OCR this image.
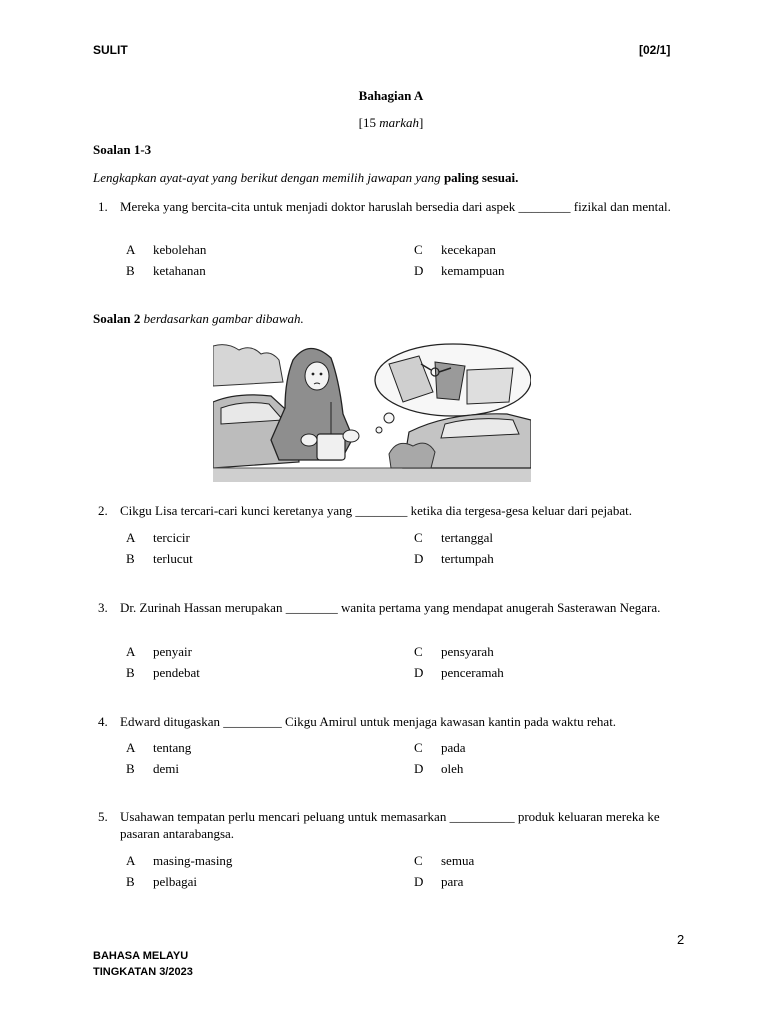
SULIT	[02/1]
Bahagian A
[15 markah]
Soalan 1-3
Lengkapkan ayat-ayat yang berikut dengan memilih jawapan yang paling sesuai.
1. Mereka yang bercita-cita untuk menjadi doktor haruslah bersedia dari aspek ________ fizikal dan mental.
A kebolehan
B ketahanan
C kecekapan
D kemampuan
Soalan 2 berdasarkan gambar dibawah.
2. Cikgu Lisa tercari-cari kunci keretanya yang ________ ketika dia tergesa-gesa keluar dari pejabat.
A tercicir
B terlucut
C tertanggal
D tertumpah
3. Dr. Zurinah Hassan merupakan ________ wanita pertama yang mendapat anugerah Sasterawan Negara.
A penyair
B pendebat
C pensyarah
D penceramah
4. Edward ditugaskan _________ Cikgu Amirul untuk menjaga kawasan kantin pada waktu rehat.
A tentang
B demi
C pada
D oleh
5. Usahawan tempatan perlu mencari peluang untuk memasarkan __________ produk keluaran mereka ke pasaran antarabangsa.
A masing-masing
B pelbagai
C semua
D para
2
BAHASA MELAYU
TINGKATAN 3/2023
